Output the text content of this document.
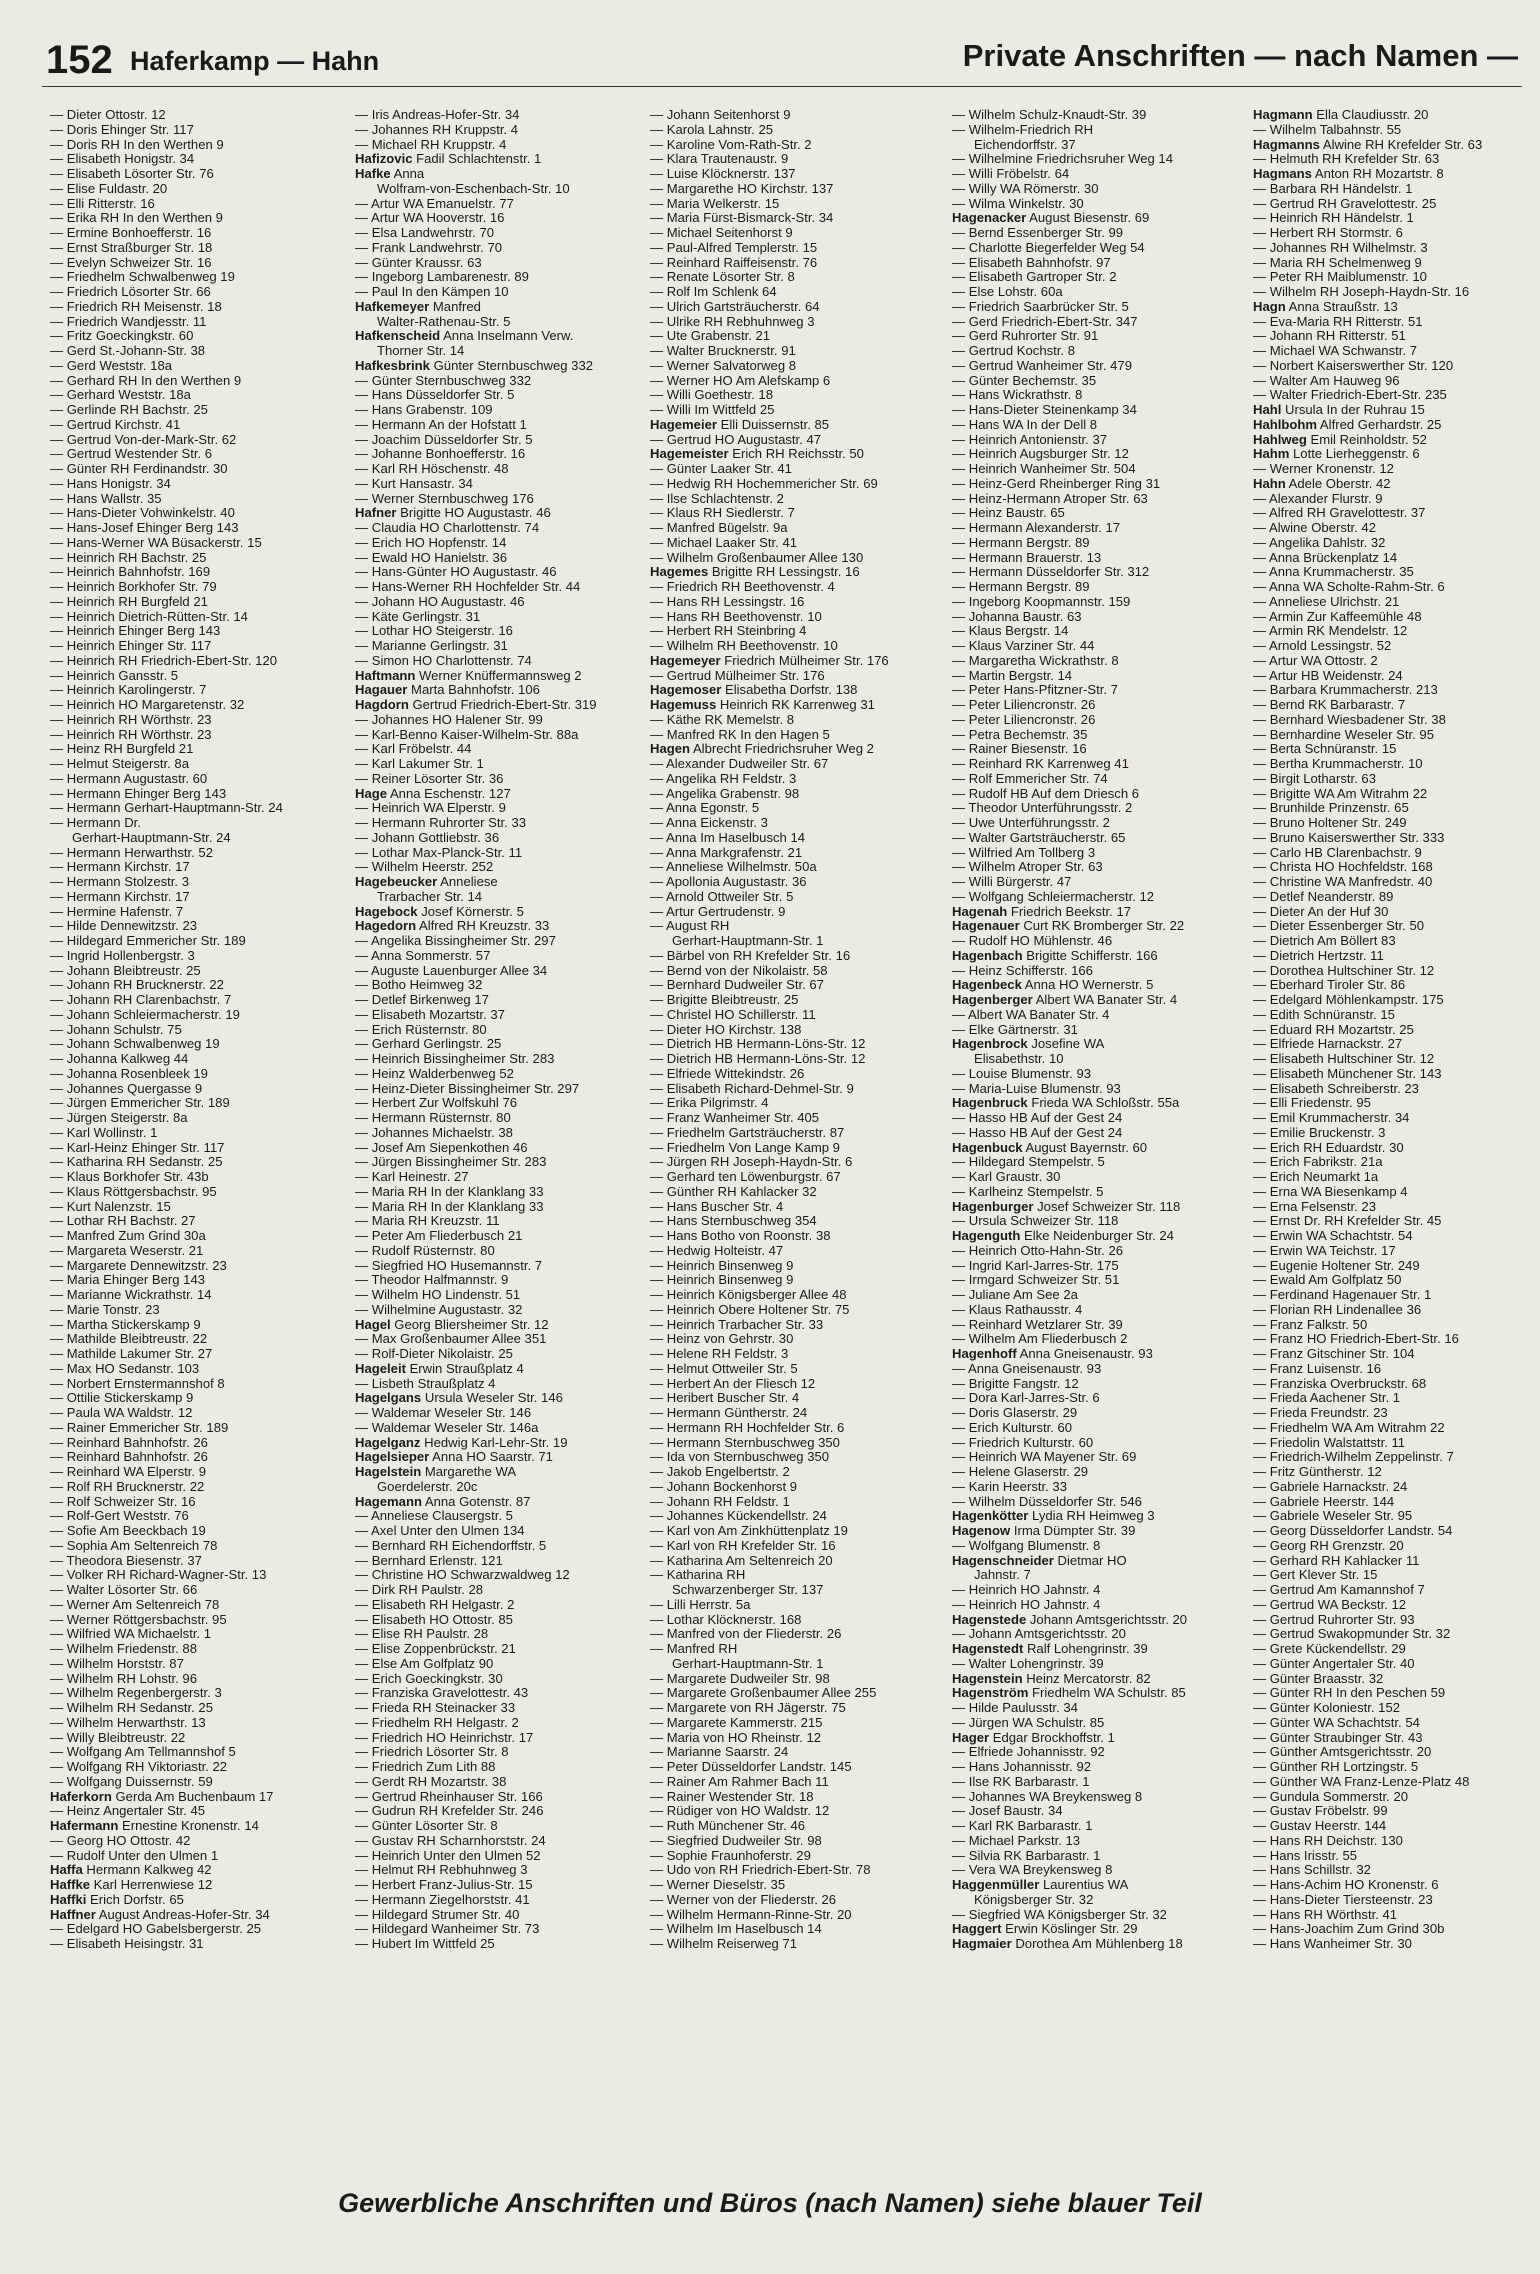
152 Haferkamp — Hahn	Private Anschriften — nach Namen —
— Dieter Ottostr. 12
— Doris Ehinger Str. 117
— Doris RH In den Werthen 9
— Elisabeth Honigstr. 34
— Elisabeth Lösorter Str. 76
— Elise Fuldastr. 20
— Elli Ritterstr. 16
— Erika RH In den Werthen 9
— Ermine Bonhoefferstr. 16
— Ernst Straßburger Str. 18
— Evelyn Schweizer Str. 16
— Friedhelm Schwalbenweg 19
— Friedrich Lösorter Str. 66
— Friedrich RH Meisenstr. 18
— Friedrich Wandjesstr. 11
— Fritz Goeckingkstr. 60
— Gerd St.-Johann-Str. 38
— Gerd Weststr. 18a
— Gerhard RH In den Werthen 9
— Gerhard Weststr. 18a
— Gerlinde RH Bachstr. 25
— Gertrud Kirchstr. 41
— Gertrud Von-der-Mark-Str. 62
— Gertrud Westender Str. 6
— Günter RH Ferdinandstr. 30
— Hans Honigstr. 34
— Hans Wallstr. 35
— Hans-Dieter Vohwinkelstr. 40
— Hans-Josef Ehinger Berg 143
— Hans-Werner WA Büsackerstr. 15
— Heinrich RH Bachstr. 25
— Heinrich Bahnhofstr. 169
— Heinrich Borkhofer Str. 79
— Heinrich RH Burgfeld 21
— Heinrich Dietrich-Rütten-Str. 14
— Heinrich Ehinger Berg 143
— Heinrich Ehinger Str. 117
— Heinrich RH Friedrich-Ebert-Str. 120
— Heinrich Gansstr. 5
— Heinrich Karolingerstr. 7
— Heinrich HO Margaretenstr. 32
— Heinrich RH Wörthstr. 23
— Heinrich RH Wörthstr. 23
— Heinz RH Burgfeld 21
— Helmut Steigerstr. 8a
— Hermann Augustastr. 60
— Hermann Ehinger Berg 143
— Hermann Gerhart-Hauptmann-Str. 24
— Hermann Dr.
Gerhart-Hauptmann-Str. 24
— Hermann Herwarthstr. 52
— Hermann Kirchstr. 17
— Hermann Stolzestr. 3
— Hermann Kirchstr. 17
— Hermine Hafenstr. 7
— Hilde Dennewitzstr. 23
— Hildegard Emmericher Str. 189
— Ingrid Hollenbergstr. 3
— Johann Bleibtreustr. 25
— Johann RH Brucknerstr. 22
— Johann RH Clarenbachstr. 7
— Johann Schleiermacherstr. 19
— Johann Schulstr. 75
— Johann Schwalbenweg 19
— Johanna Kalkweg 44
— Johanna Rosenbleek 19
— Johannes Quergasse 9
— Jürgen Emmericher Str. 189
— Jürgen Steigerstr. 8a
— Karl Wollinstr. 1
— Karl-Heinz Ehinger Str. 117
— Katharina RH Sedanstr. 25
— Klaus Borkhofer Str. 43b
— Klaus Röttgersbachstr. 95
— Kurt Nalenzstr. 15
— Lothar RH Bachstr. 27
— Manfred Zum Grind 30a
— Margareta Weserstr. 21
— Margarete Dennewitzstr. 23
— Maria Ehinger Berg 143
— Marianne Wickrathstr. 14
— Marie Tonstr. 23
— Martha Stickerskamp 9
— Mathilde Bleibtreustr. 22
— Mathilde Lakumer Str. 27
— Max HO Sedanstr. 103
— Norbert Ernstermannshof 8
— Ottilie Stickerskamp 9
— Paula WA Waldstr. 12
— Rainer Emmericher Str. 189
— Reinhard Bahnhofstr. 26
— Reinhard Bahnhofstr. 26
— Reinhard WA Elperstr. 9
— Rolf RH Brucknerstr. 22
— Rolf Schweizer Str. 16
— Rolf-Gert Weststr. 76
— Sofie Am Beeckbach 19
— Sophia Am Seltenreich 78
— Theodora Biesenstr. 37
— Volker RH Richard-Wagner-Str. 13
— Walter Lösorter Str. 66
— Werner Am Seltenreich 78
— Werner Röttgersbachstr. 95
— Wilfried WA Michaelstr. 1
— Wilhelm Friedenstr. 88
— Wilhelm Horststr. 87
— Wilhelm RH Lohstr. 96
— Wilhelm Regenbergerstr. 3
— Wilhelm RH Sedanstr. 25
— Wilhelm Herwarthstr. 13
— Willy Bleibtreustr. 22
— Wolfgang Am Tellmannshof 5
— Wolfgang RH Viktoriastr. 22
— Wolfgang Duissernstr. 59
Haferkorn Gerda Am Buchenbaum 17
— Heinz Angertaler Str. 45
Hafermann Ernestine Kronenstr. 14
— Georg HO Ottostr. 42
— Rudolf Unter den Ulmen 1
Haffa Hermann Kalkweg 42
Haffke Karl Herrenwiese 12
Haffki Erich Dorfstr. 65
Haffner August Andreas-Hofer-Str. 34
— Edelgard HO Gabelsbergerstr. 25
— Elisabeth Heisingstr. 31
— Iris Andreas-Hofer-Str. 34
— Johannes RH Kruppstr. 4
— Michael RH Kruppstr. 4
Hafizovic Fadil Schlachtenstr. 1
Hafke Anna
Wolfram-von-Eschenbach-Str. 10
— Artur WA Emanuelstr. 77
— Artur WA Hooverstr. 16
— Elsa Landwehrstr. 70
— Frank Landwehrstr. 70
— Günter Kraussr. 63
— Ingeborg Lambarenestr. 89
— Paul In den Kämpen 10
Hafkemeyer Manfred
Walter-Rathenau-Str. 5
Hafkenscheid Anna Inselmann Verw.
Thorner Str. 14
Hafkesbrink Günter Sternbuschweg 332
— Günter Sternbuschweg 332
— Hans Düsseldorfer Str. 5
— Hans Grabenstr. 109
— Hermann An der Hofstatt 1
— Joachim Düsseldorfer Str. 5
— Johanne Bonhoefferstr. 16
— Karl RH Höschenstr. 48
— Kurt Hansastr. 34
— Werner Sternbuschweg 176
Hafner Brigitte HO Augustastr. 46
— Claudia HO Charlottenstr. 74
— Erich HO Hopfenstr. 14
— Ewald HO Hanielstr. 36
— Hans-Günter HO Augustastr. 46
— Hans-Werner RH Hochfelder Str. 44
— Johann HO Augustastr. 46
— Käte Gerlingstr. 31
— Lothar HO Steigerstr. 16
— Marianne Gerlingstr. 31
— Simon HO Charlottenstr. 74
Haftmann Werner Knüffermannsweg 2
Hagauer Marta Bahnhofstr. 106
Hagdorn Gertrud Friedrich-Ebert-Str. 319
— Johannes HO Halener Str. 99
— Karl-Benno Kaiser-Wilhelm-Str. 88a
— Karl Fröbelstr. 44
— Karl Lakumer Str. 1
— Reiner Lösorter Str. 36
Hage Anna Eschenstr. 127
— Heinrich WA Elperstr. 9
— Hermann Ruhrorter Str. 33
— Johann Gottliebstr. 36
— Lothar Max-Planck-Str. 11
— Wilhelm Heerstr. 252
Hagebeucker Anneliese
Trarbacher Str. 14
Hagebock Josef Körnerstr. 5
Hagedorn Alfred RH Kreuzstr. 33
— Angelika Bissingheimer Str. 297
— Anna Sommerstr. 57
— Auguste Lauenburger Allee 34
— Botho Heimweg 32
— Detlef Birkenweg 17
— Elisabeth Mozartstr. 37
— Erich Rüsternstr. 80
— Gerhard Gerlingstr. 25
— Heinrich Bissingheimer Str. 283
— Heinz Walderbenweg 52
— Heinz-Dieter Bissingheimer Str. 297
— Herbert Zur Wolfskuhl 76
— Hermann Rüsternstr. 80
— Johannes Michaelstr. 38
— Josef Am Siepenkothen 46
— Jürgen Bissingheimer Str. 283
— Karl Heinestr. 27
— Maria RH In der Klanklang 33
— Maria RH In der Klanklang 33
— Maria RH Kreuzstr. 11
— Peter Am Fliederbusch 21
— Rudolf Rüsternstr. 80
— Siegfried HO Husemannstr. 7
— Theodor Halfmannstr. 9
— Wilhelm HO Lindenstr. 51
— Wilhelmine Augustastr. 32
Hagel Georg Bliersheimer Str. 12
— Max Großenbaumer Allee 351
— Rolf-Dieter Nikolaistr. 25
Hageleit Erwin Straußplatz 4
— Lisbeth Straußplatz 4
Hagelgans Ursula Weseler Str. 146
— Waldemar Weseler Str. 146
— Waldemar Weseler Str. 146a
Hagelganz Hedwig Karl-Lehr-Str. 19
Hagelsieper Anna HO Saarstr. 71
Hagelstein Margarethe WA
Goerdelerstr. 20c
Hagemann Anna Gotenstr. 87
— Anneliese Clausergstr. 5
— Axel Unter den Ulmen 134
— Bernhard RH Eichendorffstr. 5
— Bernhard Erlenstr. 121
— Christine HO Schwarzwaldweg 12
— Dirk RH Paulstr. 28
— Elisabeth RH Helgastr. 2
— Elisabeth HO Ottostr. 85
— Elise RH Paulstr. 28
— Elise Zoppenbrückstr. 21
— Else Am Golfplatz 90
— Erich Goeckingkstr. 30
— Franziska Gravelottestr. 43
— Frieda RH Steinacker 33
— Friedhelm RH Helgastr. 2
— Friedrich HO Heinrichstr. 17
— Friedrich Lösorter Str. 8
— Friedrich Zum Lith 88
— Gerdt RH Mozartstr. 38
— Gertrud Rheinhauser Str. 166
— Gudrun RH Krefelder Str. 246
— Günter Lösorter Str. 8
— Gustav RH Scharnhorststr. 24
— Heinrich Unter den Ulmen 52
— Helmut RH Rebhuhnweg 3
— Herbert Franz-Julius-Str. 15
— Hermann Ziegelhorststr. 41
— Hildegard Strumer Str. 40
— Hildegard Wanheimer Str. 73
— Hubert Im Wittfeld 25
— Johann Seitenhorst 9
— Karola Lahnstr. 25
— Karoline Vom-Rath-Str. 2
— Klara Trautenaustr. 9
— Luise Klöcknerstr. 137
— Margarethe HO Kirchstr. 137
— Maria Welkerstr. 15
— Maria Fürst-Bismarck-Str. 34
— Michael Seitenhorst 9
— Paul-Alfred Templerstr. 15
— Reinhard Raiffeisenstr. 76
— Renate Lösorter Str. 8
— Rolf Im Schlenk 64
— Ulrich Gartsträucherstr. 64
— Ulrike RH Rebhuhnweg 3
— Ute Grabenstr. 21
— Walter Brucknerstr. 91
— Werner Salvatorweg 8
— Werner HO Am Alefskamp 6
— Willi Goethestr. 18
— Willi Im Wittfeld 25
Hagemeier Elli Duissernstr. 85
— Gertrud HO Augustastr. 47
Hagemeister Erich RH Reichsstr. 50
— Günter Laaker Str. 41
— Hedwig RH Hochemmericher Str. 69
— Ilse Schlachtenstr. 2
— Klaus RH Siedlerstr. 7
— Manfred Bügelstr. 9a
— Michael Laaker Str. 41
— Wilhelm Großenbaumer Allee 130
Hagemes Brigitte RH Lessingstr. 16
— Friedrich RH Beethovenstr. 4
— Hans RH Lessingstr. 16
— Hans RH Beethovenstr. 10
— Herbert RH Steinbring 4
— Wilhelm RH Beethovenstr. 10
Hagemeyer Friedrich Mülheimer Str. 176
— Gertrud Mülheimer Str. 176
Hagemoser Elisabetha Dorfstr. 138
Hagemuss Heinrich RK Karrenweg 31
— Käthe RK Memelstr. 8
— Manfred RK In den Hagen 5
Hagen Albrecht Friedrichsruher Weg 2
— Alexander Dudweiler Str. 67
— Angelika RH Feldstr. 3
— Angelika Grabenstr. 98
— Anna Egonstr. 5
— Anna Eickenstr. 3
— Anna Im Haselbusch 14
— Anna Markgrafenstr. 21
— Anneliese Wilhelmstr. 50a
— Apollonia Augustastr. 36
— Arnold Ottweiler Str. 5
— Artur Gertrudenstr. 9
— August RH
Gerhart-Hauptmann-Str. 1
— Bärbel von RH Krefelder Str. 16
— Bernd von der Nikolaistr. 58
— Bernhard Dudweiler Str. 67
— Brigitte Bleibtreustr. 25
— Christel HO Schillerstr. 11
— Dieter HO Kirchstr. 138
— Dietrich HB Hermann-Löns-Str. 12
— Dietrich HB Hermann-Löns-Str. 12
— Elfriede Wittekindstr. 26
— Elisabeth Richard-Dehmel-Str. 9
— Erika Pilgrimstr. 4
— Franz Wanheimer Str. 405
— Friedhelm Gartsträucherstr. 87
— Friedhelm Von Lange Kamp 9
— Jürgen RH Joseph-Haydn-Str. 6
— Gerhard ten Löwenburgstr. 67
— Günther RH Kahlacker 32
— Hans Buscher Str. 4
— Hans Sternbuschweg 354
— Hans Botho von Roonstr. 38
— Hedwig Holteistr. 47
— Heinrich Binsenweg 9
— Heinrich Binsenweg 9
— Heinrich Königsberger Allee 48
— Heinrich Obere Holtener Str. 75
— Heinrich Trarbacher Str. 33
— Heinz von Gehrstr. 30
— Helene RH Feldstr. 3
— Helmut Ottweiler Str. 5
— Herbert An der Fliesch 12
— Heribert Buscher Str. 4
— Hermann Güntherstr. 24
— Hermann RH Hochfelder Str. 6
— Hermann Sternbuschweg 350
— Ida von Sternbuschweg 350
— Jakob Engelbertstr. 2
— Johann Bockenhorst 9
— Johann RH Feldstr. 1
— Johannes Kückendellstr. 24
— Karl von Am Zinkhüttenplatz 19
— Karl von RH Krefelder Str. 16
— Katharina Am Seltenreich 20
— Katharina RH
Schwarzenberger Str. 137
— Lilli Herrstr. 5a
— Lothar Klöcknerstr. 168
— Manfred von der Fliederstr. 26
— Manfred RH
Gerhart-Hauptmann-Str. 1
— Margarete Dudweiler Str. 98
— Margarete Großenbaumer Allee 255
— Margarete von RH Jägerstr. 75
— Margarete Kammerstr. 215
— Maria von HO Rheinstr. 12
— Marianne Saarstr. 24
— Peter Düsseldorfer Landstr. 145
— Rainer Am Rahmer Bach 11
— Rainer Westender Str. 18
— Rüdiger von HO Waldstr. 12
— Ruth Münchener Str. 46
— Siegfried Dudweiler Str. 98
— Sophie Fraunhoferstr. 29
— Udo von RH Friedrich-Ebert-Str. 78
— Werner Dieselstr. 35
— Werner von der Fliederstr. 26
— Wilhelm Hermann-Rinne-Str. 20
— Wilhelm Im Haselbusch 14
— Wilhelm Reiserweg 71
— Wilhelm Schulz-Knaudt-Str. 39
— Wilhelm-Friedrich RH
Eichendorffstr. 37
— Wilhelmine Friedrichsruher Weg 14
— Willi Fröbelstr. 64
— Willy WA Römerstr. 30
— Wilma Winkelstr. 30
Hagenacker August Biesenstr. 69
— Bernd Essenberger Str. 99
— Charlotte Biegerfelder Weg 54
— Elisabeth Bahnhofstr. 97
— Elisabeth Gartroper Str. 2
— Else Lohstr. 60a
— Friedrich Saarbrücker Str. 5
— Gerd Friedrich-Ebert-Str. 347
— Gerd Ruhrorter Str. 91
— Gertrud Kochstr. 8
— Gertrud Wanheimer Str. 479
— Günter Bechemstr. 35
— Hans Wickrathstr. 8
— Hans-Dieter Steinenkamp 34
— Hans WA In der Dell 8
— Heinrich Antonienstr. 37
— Heinrich Augsburger Str. 12
— Heinrich Wanheimer Str. 504
— Heinz-Gerd Rheinberger Ring 31
— Heinz-Hermann Atroper Str. 63
— Heinz Baustr. 65
— Hermann Alexanderstr. 17
— Hermann Bergstr. 89
— Hermann Brauerstr. 13
— Hermann Düsseldorfer Str. 312
— Hermann Bergstr. 89
— Ingeborg Koopmannstr. 159
— Johanna Baustr. 63
— Klaus Bergstr. 14
— Klaus Varziner Str. 44
— Margaretha Wickrathstr. 8
— Martin Bergstr. 14
— Peter Hans-Pfitzner-Str. 7
— Peter Liliencronstr. 26
— Peter Liliencronstr. 26
— Petra Bechemstr. 35
— Rainer Biesenstr. 16
— Reinhard RK Karrenweg 41
— Rolf Emmericher Str. 74
— Rudolf HB Auf dem Driesch 6
— Theodor Unterführungsstr. 2
— Uwe Unterführungsstr. 2
— Walter Gartsträucherstr. 65
— Wilfried Am Tollberg 3
— Wilhelm Atroper Str. 63
— Willi Bürgerstr. 47
— Wolfgang Schleiermacherstr. 12
Hagenah Friedrich Beekstr. 17
Hagenauer Curt RK Bromberger Str. 22
— Rudolf HO Mühlenstr. 46
Hagenbach Brigitte Schifferstr. 166
— Heinz Schifferstr. 166
Hagenbeck Anna HO Wernerstr. 5
Hagenberger Albert WA Banater Str. 4
— Albert WA Banater Str. 4
— Elke Gärtnerstr. 31
Hagenbrock Josefine WA
Elisabethstr. 10
— Louise Blumenstr. 93
— Maria-Luise Blumenstr. 93
Hagenbruck Frieda WA Schloßstr. 55a
— Hasso HB Auf der Gest 24
— Hasso HB Auf der Gest 24
Hagenbuck August Bayernstr. 60
— Hildegard Stempelstr. 5
— Karl Graustr. 30
— Karlheinz Stempelstr. 5
Hagenburger Josef Schweizer Str. 118
— Ursula Schweizer Str. 118
Hagenguth Elke Neidenburger Str. 24
— Heinrich Otto-Hahn-Str. 26
— Ingrid Karl-Jarres-Str. 175
— Irmgard Schweizer Str. 51
— Juliane Am See 2a
— Klaus Rathausstr. 4
— Reinhard Wetzlarer Str. 39
— Wilhelm Am Fliederbusch 2
Hagenhoff Anna Gneisenaustr. 93
— Anna Gneisenaustr. 93
— Brigitte Fangstr. 12
— Dora Karl-Jarres-Str. 6
— Doris Glaserstr. 29
— Erich Kulturstr. 60
— Friedrich Kulturstr. 60
— Heinrich WA Mayener Str. 69
— Helene Glaserstr. 29
— Karin Heerstr. 33
— Wilhelm Düsseldorfer Str. 546
Hagenkötter Lydia RH Heimweg 3
Hagenow Irma Dümpter Str. 39
— Wolfgang Blumenstr. 8
Hagenschneider Dietmar HO
Jahnstr. 7
— Heinrich HO Jahnstr. 4
— Heinrich HO Jahnstr. 4
Hagenstede Johann Amtsgerichtsstr. 20
— Johann Amtsgerichtsstr. 20
Hagenstedt Ralf Lohengrinstr. 39
— Walter Lohengrinstr. 39
Hagenstein Heinz Mercatorstr. 82
Hagenström Friedhelm WA Schulstr. 85
— Hilde Paulusstr. 34
— Jürgen WA Schulstr. 85
Hager Edgar Brockhoffstr. 1
— Elfriede Johannisstr. 92
— Hans Johannisstr. 92
— Ilse RK Barbarastr. 1
— Johannes WA Breykensweg 8
— Josef Baustr. 34
— Karl RK Barbarastr. 1
— Michael Parkstr. 13
— Silvia RK Barbarastr. 1
— Vera WA Breykensweg 8
Haggenmüller Laurentius WA
Königsberger Str. 32
— Siegfried WA Königsberger Str. 32
Haggert Erwin Köslinger Str. 29
Hagmaier Dorothea Am Mühlenberg 18
Hagmann Ella Claudiusstr. 20
— Wilhelm Talbahnstr. 55
Hagmanns Alwine RH Krefelder Str. 63
— Helmuth RH Krefelder Str. 63
Hagmans Anton RH Mozartstr. 8
— Barbara RH Händelstr. 1
— Gertrud RH Gravelottestr. 25
— Heinrich RH Händelstr. 1
— Herbert RH Stormstr. 6
— Johannes RH Wilhelmstr. 3
— Maria RH Schelmenweg 9
— Peter RH Maiblumenstr. 10
— Wilhelm RH Joseph-Haydn-Str. 16
Hagn Anna Straußstr. 13
— Eva-Maria RH Ritterstr. 51
— Johann RH Ritterstr. 51
— Michael WA Schwanstr. 7
— Norbert Kaiserswerther Str. 120
— Walter Am Hauweg 96
— Walter Friedrich-Ebert-Str. 235
Hahl Ursula In der Ruhrau 15
Hahlbohm Alfred Gerhardstr. 25
Hahlweg Emil Reinholdstr. 52
Hahm Lotte Lierheggenstr. 6
— Werner Kronenstr. 12
Hahn Adele Oberstr. 42
— Alexander Flurstr. 9
— Alfred RH Gravelottestr. 37
— Alwine Oberstr. 42
— Angelika Dahlstr. 32
— Anna Brückenplatz 14
— Anna Krummacherstr. 35
— Anna WA Scholte-Rahm-Str. 6
— Anneliese Ulrichstr. 21
— Armin Zur Kaffeemühle 48
— Armin RK Mendelstr. 12
— Arnold Lessingstr. 52
— Artur WA Ottostr. 2
— Artur HB Weidenstr. 24
— Barbara Krummacherstr. 213
— Bernd RK Barbarastr. 7
— Bernhard Wiesbadener Str. 38
— Bernhardine Weseler Str. 95
— Berta Schnüranstr. 15
— Bertha Krummacherstr. 10
— Birgit Lotharstr. 63
— Brigitte WA Am Witrahm 22
— Brunhilde Prinzenstr. 65
— Bruno Holtener Str. 249
— Bruno Kaiserswerther Str. 333
— Carlo HB Clarenbachstr. 9
— Christa HO Hochfeldstr. 168
— Christine WA Manfredstr. 40
— Detlef Neanderstr. 89
— Dieter An der Huf 30
— Dieter Essenberger Str. 50
— Dietrich Am Böllert 83
— Dietrich Hertzstr. 11
— Dorothea Hultschiner Str. 12
— Eberhard Tiroler Str. 86
— Edelgard Möhlenkampstr. 175
— Edith Schnüranstr. 15
— Eduard RH Mozartstr. 25
— Elfriede Harnackstr. 27
— Elisabeth Hultschiner Str. 12
— Elisabeth Münchener Str. 143
— Elisabeth Schreiberstr. 23
— Elli Friedenstr. 95
— Emil Krummacherstr. 34
— Emilie Bruckenstr. 3
— Erich RH Eduardstr. 30
— Erich Fabrikstr. 21a
— Erich Neumarkt 1a
— Erna WA Biesenkamp 4
— Erna Felsenstr. 23
— Ernst Dr. RH Krefelder Str. 45
— Erwin WA Schachtstr. 54
— Erwin WA Teichstr. 17
— Eugenie Holtener Str. 249
— Ewald Am Golfplatz 50
— Ferdinand Hagenauer Str. 1
— Florian RH Lindenallee 36
— Franz Falkstr. 50
— Franz HO Friedrich-Ebert-Str. 16
— Franz Gitschiner Str. 104
— Franz Luisenstr. 16
— Franziska Overbruckstr. 68
— Frieda Aachener Str. 1
— Frieda Freundstr. 23
— Friedhelm WA Am Witrahm 22
— Friedolin Walstattstr. 11
— Friedrich-Wilhelm Zeppelinstr. 7
— Fritz Güntherstr. 12
— Gabriele Harnackstr. 24
— Gabriele Heerstr. 144
— Gabriele Weseler Str. 95
— Georg Düsseldorfer Landstr. 54
— Georg RH Grenzstr. 20
— Gerhard RH Kahlacker 11
— Gert Klever Str. 15
— Gertrud Am Kamannshof 7
— Gertrud WA Beckstr. 12
— Gertrud Ruhrorter Str. 93
— Gertrud Swakopmunder Str. 32
— Grete Kückendellstr. 29
— Günter Angertaler Str. 40
— Günter Braasstr. 32
— Günter RH In den Peschen 59
— Günter Koloniestr. 152
— Günter WA Schachtstr. 54
— Günter Straubinger Str. 43
— Günther Amtsgerichtsstr. 20
— Günther RH Lortzingstr. 5
— Günther WA Franz-Lenze-Platz 48
— Gundula Sommerstr. 20
— Gustav Fröbelstr. 99
— Gustav Heerstr. 144
— Hans RH Deichstr. 130
— Hans Irisstr. 55
— Hans Schillstr. 32
— Hans-Achim HO Kronenstr. 6
— Hans-Dieter Tiersteenstr. 23
— Hans RH Wörthstr. 41
— Hans-Joachim Zum Grind 30b
— Hans Wanheimer Str. 30
Gewerbliche Anschriften und Büros (nach Namen) siehe blauer Teil
